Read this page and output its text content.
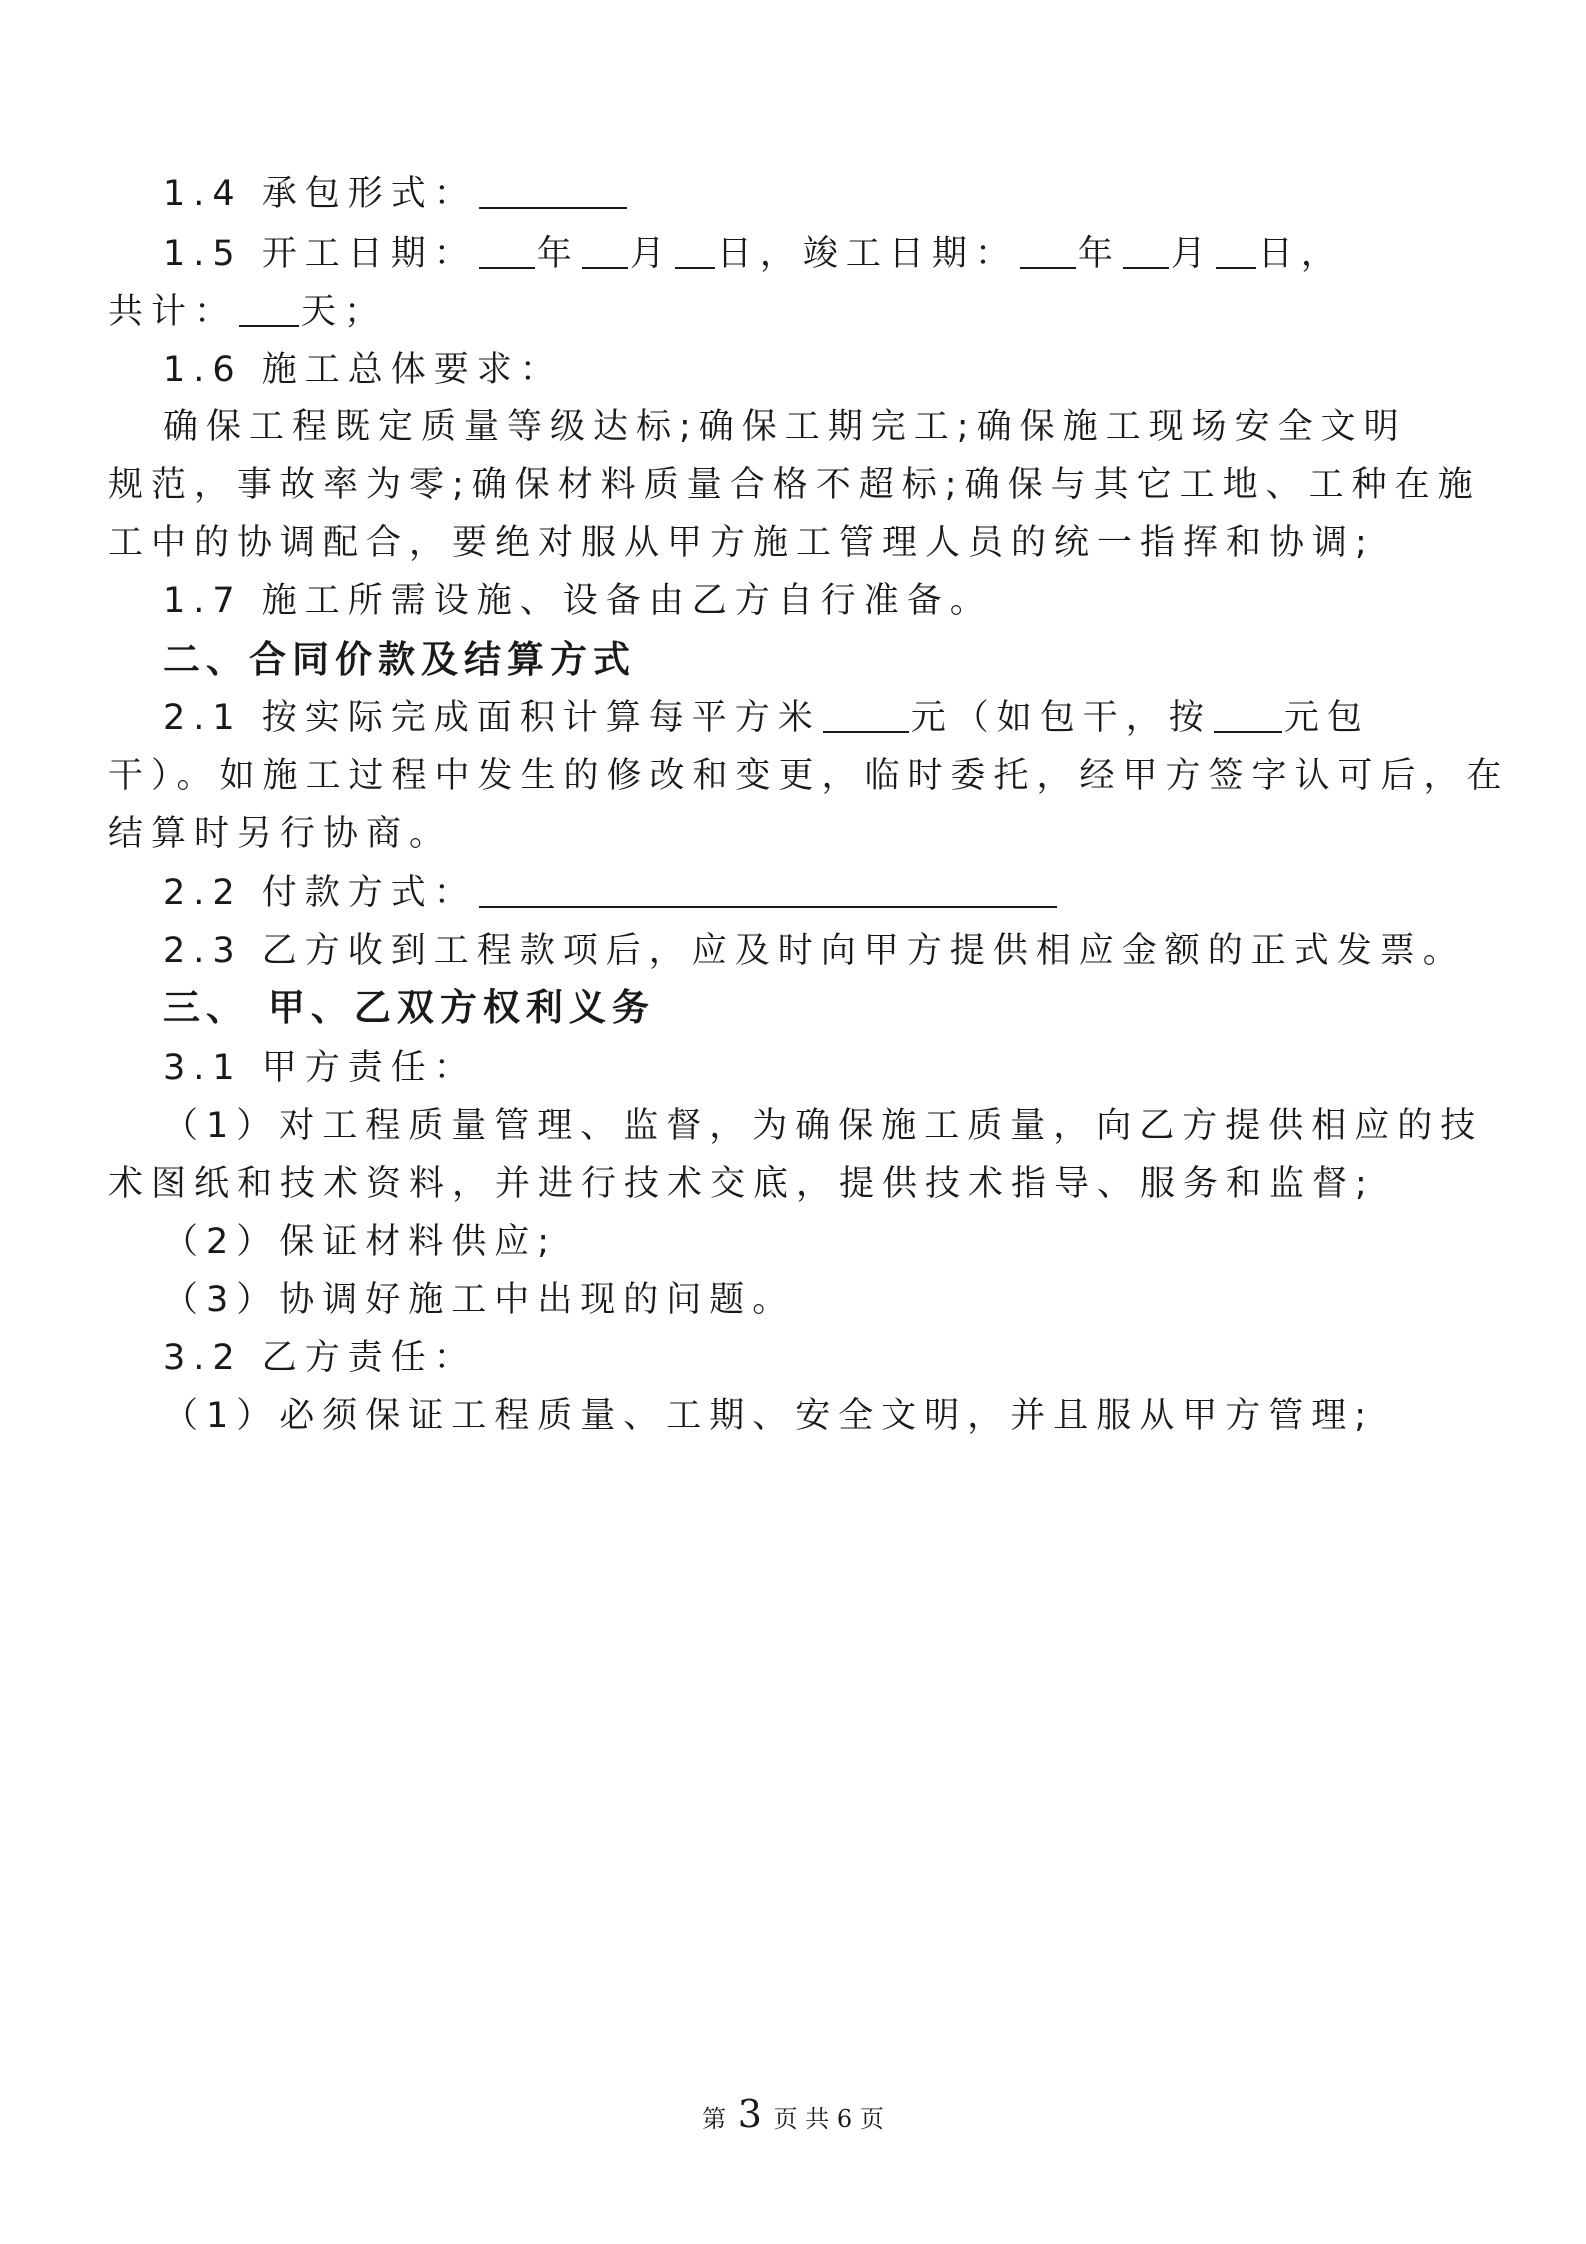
1.4 承包形式：
1.5 开工日期： 年 月 日，竣工日期： 年 月 日，
共计： 天；
1.6 施工总体要求：
确保工程既定质量等级达标;确保工期完工;确保施工现场安全文明
规范，事故率为零;确保材料质量合格不超标;确保与其它工地、工种在施
工中的协调配合，要绝对服从甲方施工管理人员的统一指挥和协调;
1.7 施工所需设施、设备由乙方自行准备。
二、合同价款及结算方式
2.1 按实际完成面积计算每平方米	元（如包干，按 元包
干）。如施工过程中发生的修改和变更，临时委托，经甲方签字认可后，在
结算时另行协商。
2.2 付款方式：
2.3 乙方收到工程款项后，应及时向甲方提供相应金额的正式发票。
三、 甲、乙双方权利义务
3.1 甲方责任：
（1）对工程质量管理、监督，为确保施工质量，向乙方提供相应的技
术图纸和技术资料，并进行技术交底，提供技术指导、服务和监督;
（2）保证材料供应;
（3）协调好施工中出现的问题。
3.2 乙方责任：
（1）必须保证工程质量、工期、安全文明，并且服从甲方管理;
第 3 页 共 6 页
